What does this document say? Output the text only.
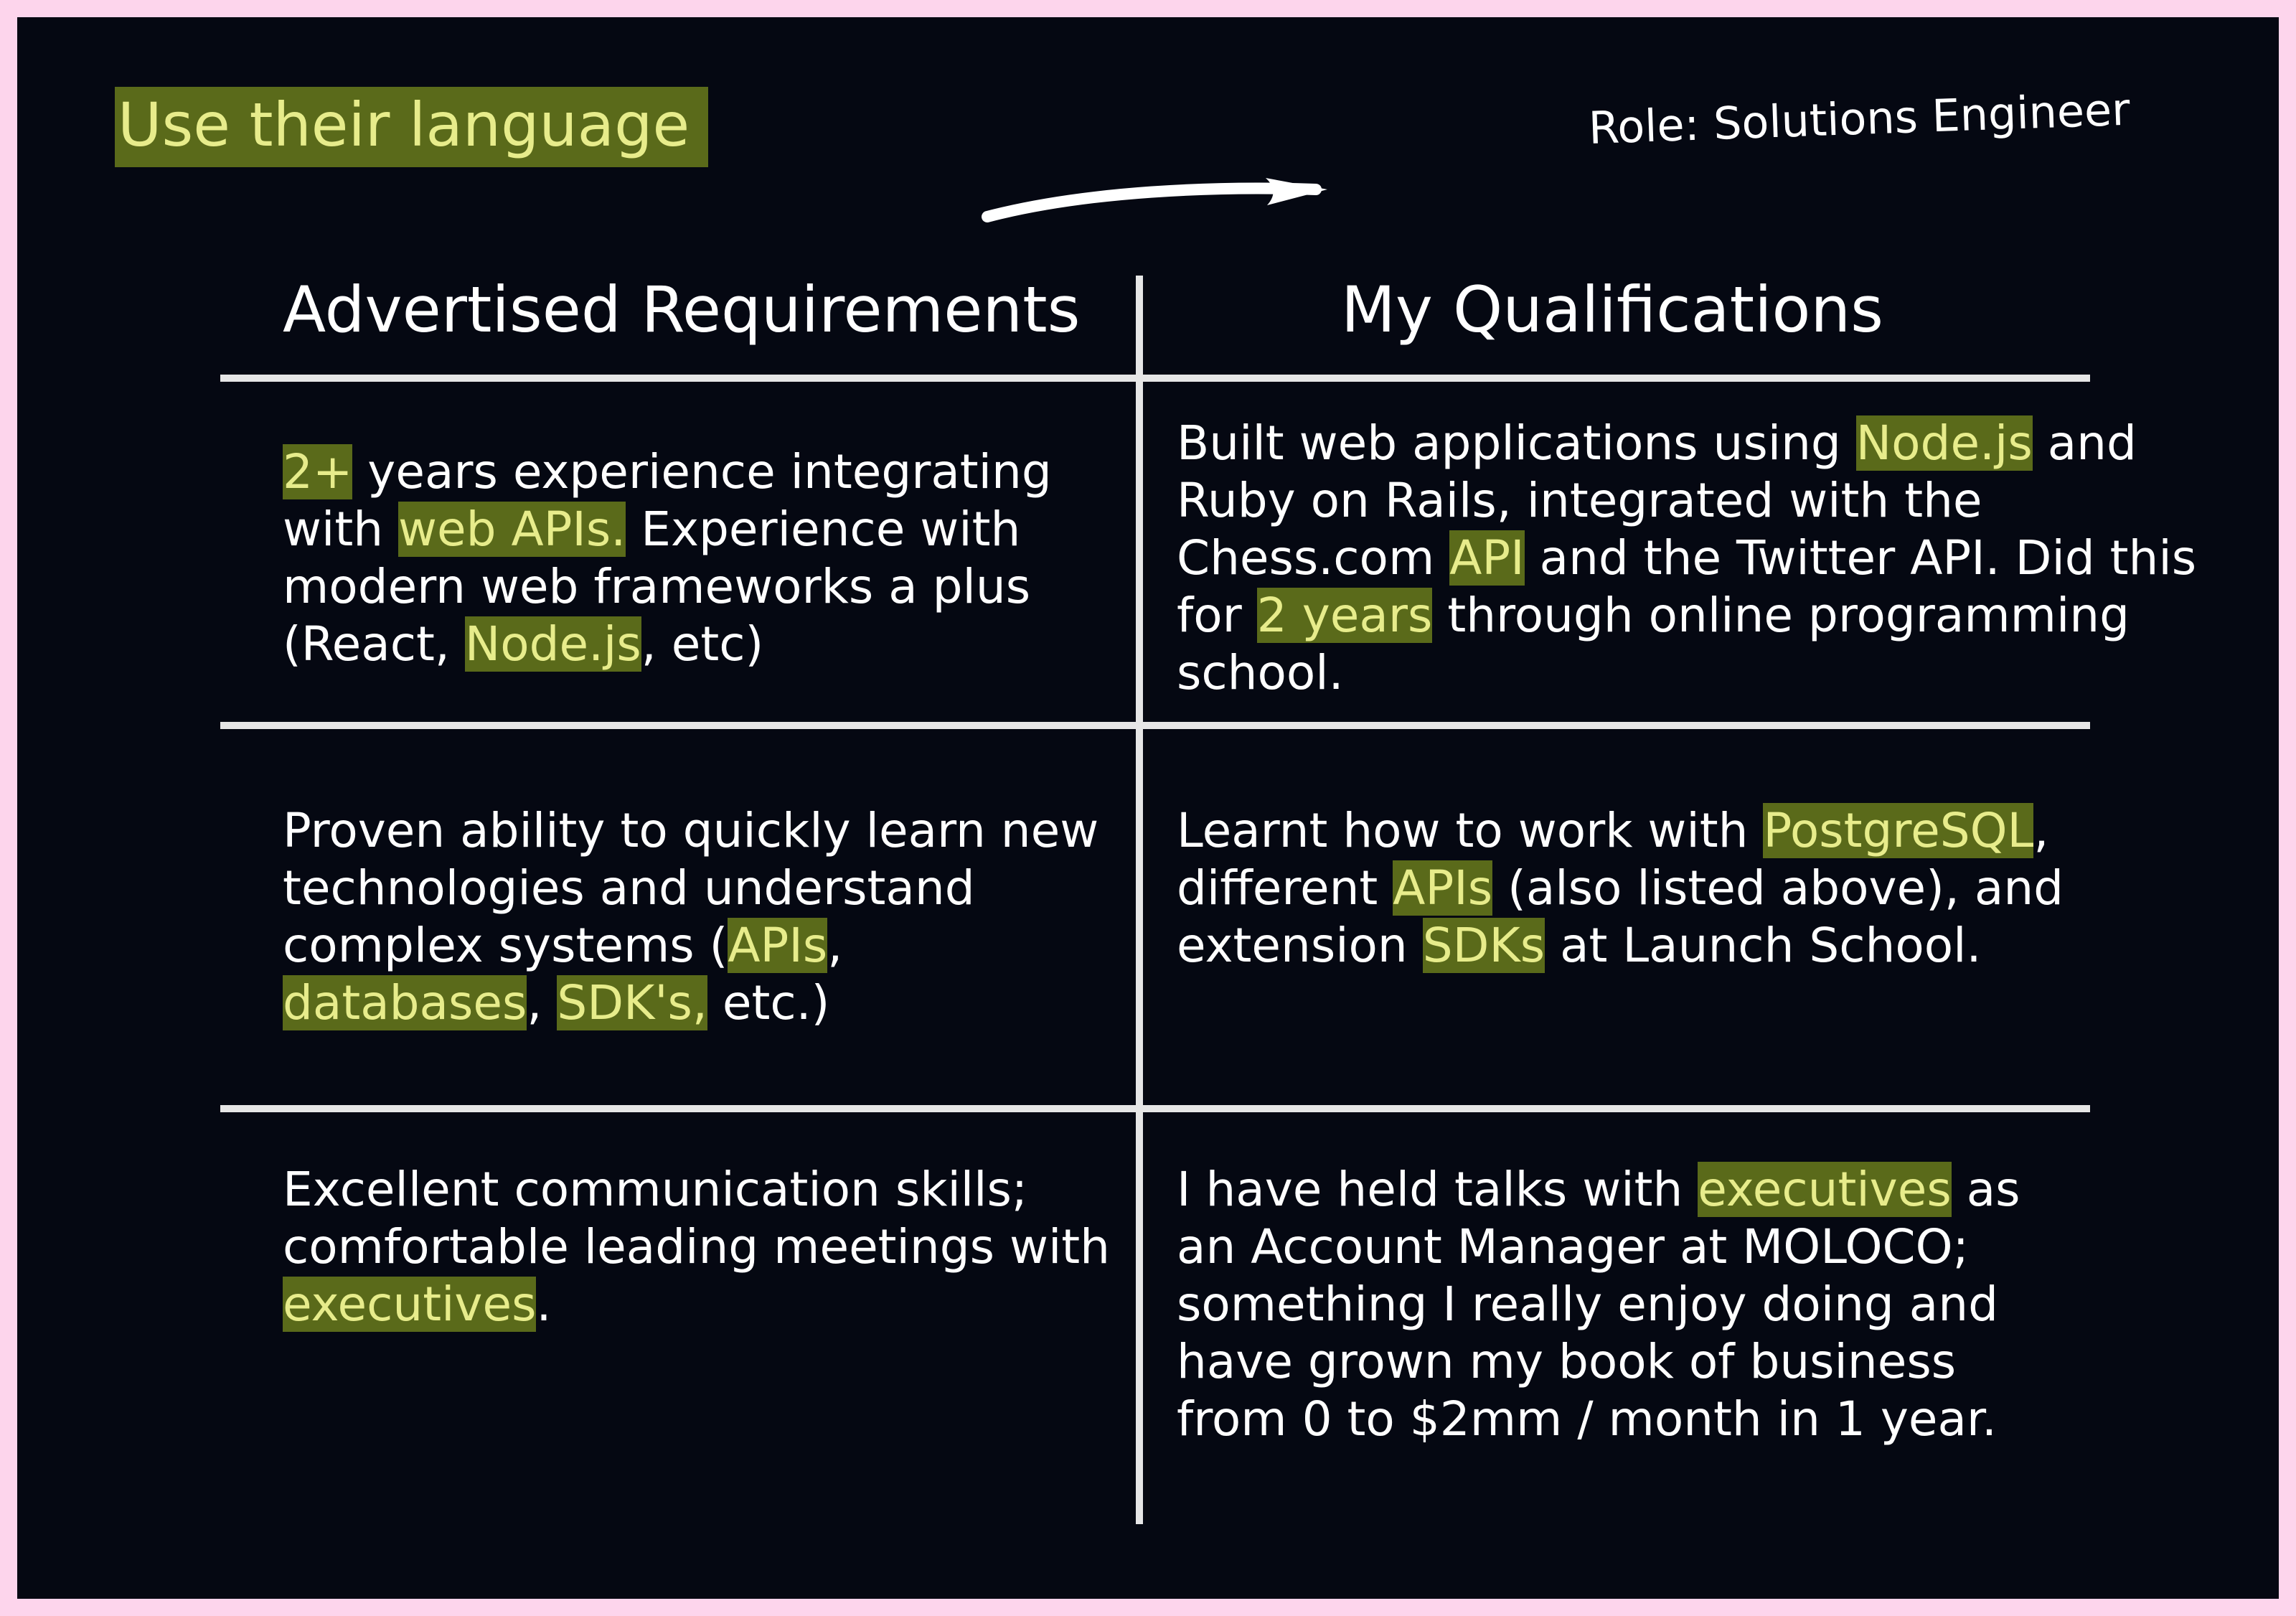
Use their language	Role: Solutions Engineer
Advertised Requirements	My Qualifications
2+ years experience integrating
with web APIs. Experience with
modern web frameworks a plus
(React, Node.js, etc)
Built web applications using Node.js and
Ruby on Rails, integrated with the
Chess.com API and the Twitter API. Did this
for 2 years through online programming
school.
Proven ability to quickly learn new
technologies and understand
complex systems (APIs,
databases, SDK's, etc.)
Learnt how to work with PostgreSQL,
different APIs (also listed above), and
extension SDKs at Launch School.
Excellent communication skills;
comfortable leading meetings with
executives.
I have held talks with executives as
an Account Manager at MOLOCO;
something I really enjoy doing and
have grown my book of business
from 0 to $2mm / month in 1 year.
